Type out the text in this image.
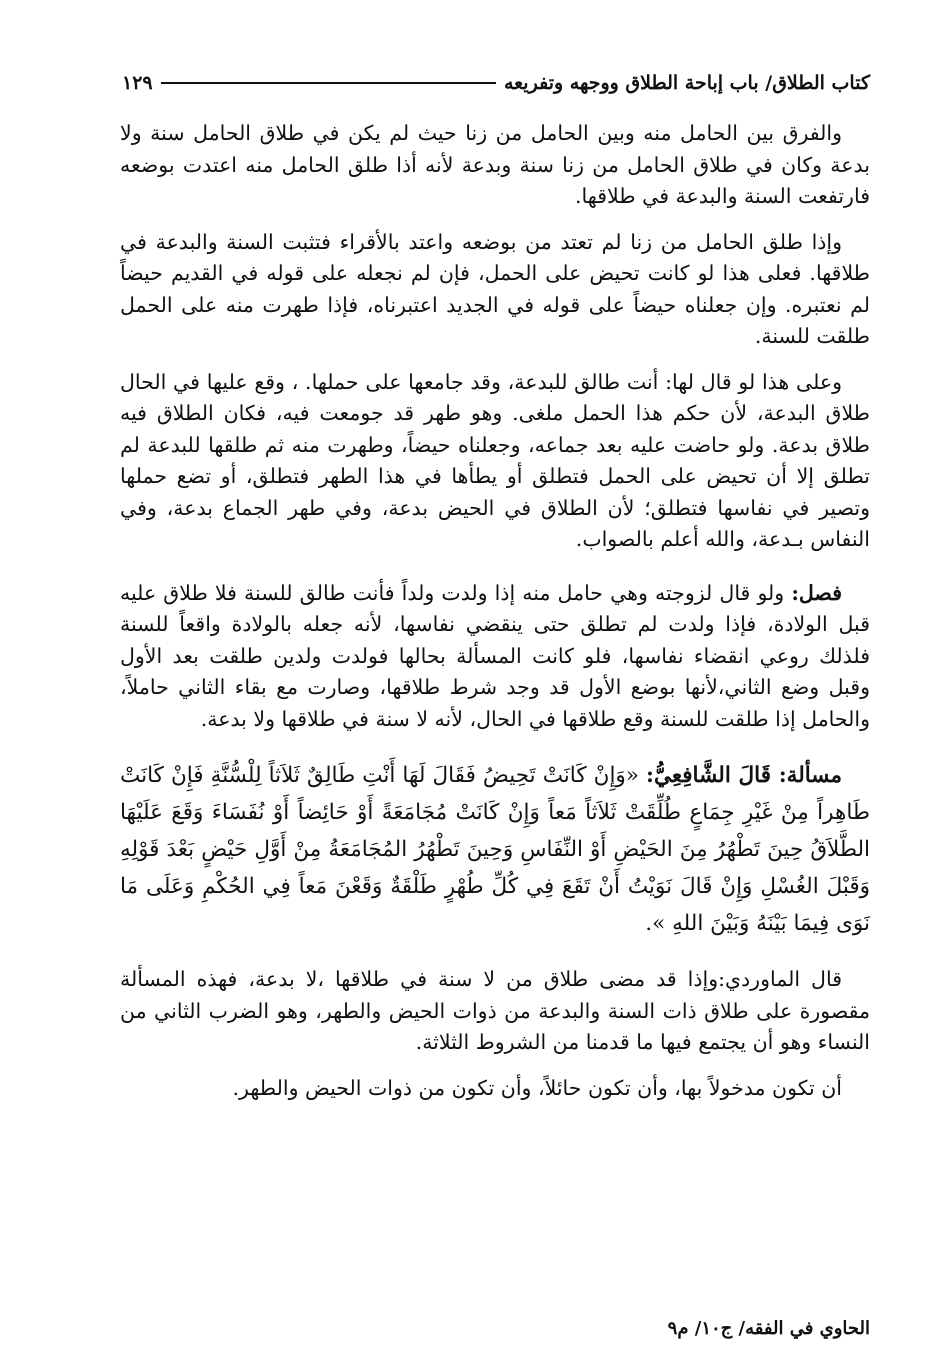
كتاب الطلاق/ باب إباحة الطلاق ووجهه وتفريعه
١٢٩

والفرق بين الحامل منه وبين الحامل من زنا حيث لم يكن في طلاق الحامل سنة ولا بدعة وكان في طلاق الحامل من زنا سنة وبدعة لأنه أذا طلق الحامل منه اعتدت بوضعه فارتفعت السنة والبدعة في طلاقها.

وإذا طلق الحامل من زنا لم تعتد من بوضعه واعتد بالأقراء فتثبت السنة والبدعة في طلاقها. فعلى هذا لو كانت تحيض على الحمل، فإن لم نجعله على قوله في القديم حيضاً لم نعتبره. وإن جعلناه حيضاً على قوله في الجديد اعتبرناه، فإذا طهرت منه على الحمل طلقت للسنة.

وعلى هذا لو قال لها: أنت طالق للبدعة، وقد جامعها على حملها. ، وقع عليها في الحال طلاق البدعة، لأن حكم هذا الحمل ملغى. وهو طهر قد جومعت فيه، فكان الطلاق فيه طلاق بدعة. ولو حاضت عليه بعد جماعه، وجعلناه حيضاً، وطهرت منه ثم طلقها للبدعة لم تطلق إلا أن تحيض على الحمل فتطلق أو يطأها في هذا الطهر فتطلق، أو تضع حملها وتصير في نفاسها فتطلق؛ لأن الطلاق في الحيض بدعة، وفي طهر الجماع بدعة، وفي النفاس بـدعة، والله أعلم بالصواب.

فصل: ولو قال لزوجته وهي حامل منه إذا ولدت ولداً فأنت طالق للسنة فلا طلاق عليه قبل الولادة، فإذا ولدت لم تطلق حتى ينقضي نفاسها، لأنه جعله بالولادة واقعاً للسنة فلذلك روعي انقضاء نفاسها، فلو كانت المسألة بحالها فولدت ولدين طلقت بعد الأول وقبل وضع الثاني،لأنها بوضع الأول قد وجد شرط طلاقها، وصارت مع بقاء الثاني حاملاً، والحامل إذا طلقت للسنة وقع طلاقها في الحال، لأنه لا سنة في طلاقها ولا بدعة.

مسألة: قَالَ الشَّافِعِيُّ: «وَإِنْ كَانَتْ تَحِيضُ فَقَالَ لَهَا أَنْتِ طَالِقٌ ثَلاَثاً لِلْسُّنَّةِ فَإِنْ كَانَتْ طَاهِراً مِنْ غَيْرِ جِمَاعٍ طُلِّقَتْ ثَلاَثاً مَعاً وَإِنْ كَانَتْ مُجَامَعَةً أَوْ حَائِضاً أَوْ نُفَسَاءَ وَقَعَ عَلَيْهَا الطَّلاَقُ حِينَ تَطْهُرُ مِنَ الحَيْضِ أَوْ النِّفَاسِ وَحِينَ تَطْهُرُ المُجَامَعَةُ مِنْ أَوَّلِ حَيْضٍ بَعْدَ قَوْلِهِ وَقَبْلَ الغُسْلِ وَإِنْ قَالَ نَوَيْتُ أَنْ تَقَعَ فِي كُلِّ طُهْرٍ طَلْقَةٌ وَقَعْنَ مَعاً فِي الحُكْمِ وَعَلَى مَا نَوَى فِيمَا بَيْنَهُ وَبَيْنَ اللهِ ».

قال الماوردي:وإذا قد مضى طلاق من لا سنة في طلاقها ،لا بدعة، فهذه المسألة مقصورة على طلاق ذات السنة والبدعة من ذوات الحيض والطهر، وهو الضرب الثاني من النساء وهو أن يجتمع فيها ما قدمنا من الشروط الثلاثة.

أن تكون مدخولاً بها، وأن تكون حائلاً، وأن تكون من ذوات الحيض والطهر.

الحاوي في الفقه/ ج١٠/ م٩
